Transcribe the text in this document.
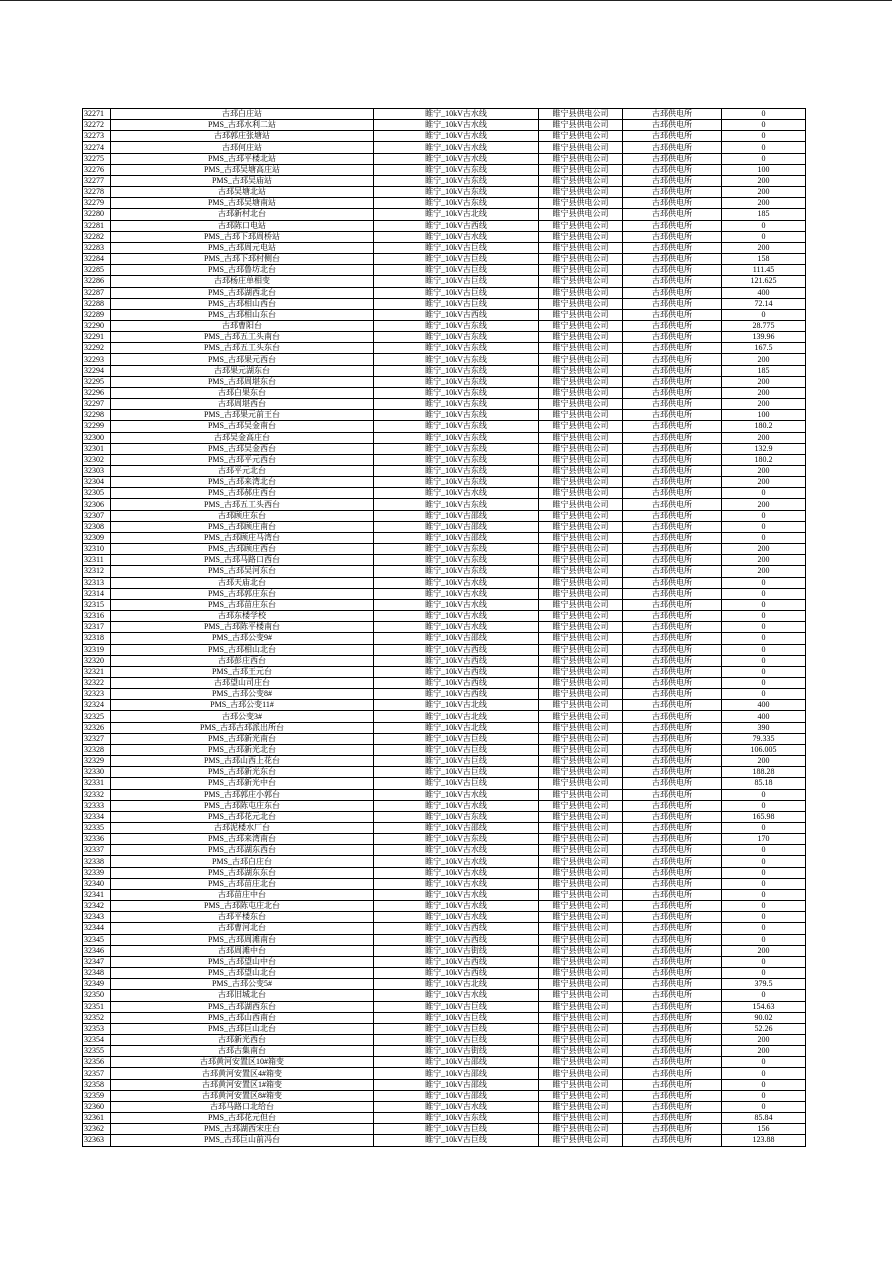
32271	古邳白庄站	睢宁_10kV古水线	睢宁县供电公司	古邳供电所	0
32272	PMS_古邳水利二站	睢宁_10kV古水线	睢宁县供电公司	古邳供电所	0
32273	古邳郭庄张塘站	睢宁_10kV古水线	睢宁县供电公司	古邳供电所	0
32274	古邳何庄站	睢宁_10kV古水线	睢宁县供电公司	古邳供电所	0
32275	PMS_古邳平楼北站	睢宁_10kV古水线	睢宁县供电公司	古邳供电所	0
32276	PMS_古邳吴塘高庄站	睢宁_10kV古东线	睢宁县供电公司	古邳供电所	100
32277	PMS_古邳吴庙站	睢宁_10kV古东线	睢宁县供电公司	古邳供电所	200
32278	古邳吴塘北站	睢宁_10kV古东线	睢宁县供电公司	古邳供电所	200
32279	PMS_古邳吴塘南站	睢宁_10kV古东线	睢宁县供电公司	古邳供电所	200
32280	古邳新村北台	睢宁_10kV古北线	睢宁县供电公司	古邳供电所	185
32281	古邳陈口电站	睢宁_10kV古西线	睢宁县供电公司	古邳供电所	0
32282	PMS_古邳下邳周桥站	睢宁_10kV古水线	睢宁县供电公司	古邳供电所	0
32283	PMS_古邳周元电站	睢宁_10kV古巨线	睢宁县供电公司	古邳供电所	200
32284	PMS_古邳下邳村侧台	睢宁_10kV古巨线	睢宁县供电公司	古邳供电所	158
32285	PMS_古邳鲁坊北台	睢宁_10kV古巨线	睢宁县供电公司	古邳供电所	111.45
32286	古邳杨庄单相变	睢宁_10kV古巨线	睢宁县供电公司	古邳供电所	121.625
32287	PMS_古邳湖西北台	睢宁_10kV古巨线	睢宁县供电公司	古邳供电所	400
32288	PMS_古邳相山西台	睢宁_10kV古巨线	睢宁县供电公司	古邳供电所	72.14
32289	PMS_古邳相山东台	睢宁_10kV古西线	睢宁县供电公司	古邳供电所	0
32290	古邳曹阳台	睢宁_10kV古东线	睢宁县供电公司	古邳供电所	28.775
32291	PMS_古邳五工头南台	睢宁_10kV古东线	睢宁县供电公司	古邳供电所	139.96
32292	PMS_古邳五工头东台	睢宁_10kV古东线	睢宁县供电公司	古邳供电所	167.5
32293	PMS_古邳果元西台	睢宁_10kV古东线	睢宁县供电公司	古邳供电所	200
32294	古邳果元湖东台	睢宁_10kV古东线	睢宁县供电公司	古邳供电所	185
32295	PMS_古邳周堪东台	睢宁_10kV古东线	睢宁县供电公司	古邳供电所	200
32296	古邳白果东台	睢宁_10kV古东线	睢宁县供电公司	古邳供电所	200
32297	古邳周堪西台	睢宁_10kV古东线	睢宁县供电公司	古邳供电所	200
32298	PMS_古邳果元前王台	睢宁_10kV古东线	睢宁县供电公司	古邳供电所	100
32299	PMS_古邳吴金南台	睢宁_10kV古东线	睢宁县供电公司	古邳供电所	180.2
32300	古邳吴金高庄台	睢宁_10kV古东线	睢宁县供电公司	古邳供电所	200
32301	PMS_古邳吴金西台	睢宁_10kV古东线	睢宁县供电公司	古邳供电所	132.9
32302	PMS_古邳平元西台	睢宁_10kV古东线	睢宁县供电公司	古邳供电所	180.2
32303	古邳平元北台	睢宁_10kV古东线	睢宁县供电公司	古邳供电所	200
32304	PMS_古邳来湾北台	睢宁_10kV古东线	睢宁县供电公司	古邳供电所	200
32305	PMS_古邳郝庄西台	睢宁_10kV古水线	睢宁县供电公司	古邳供电所	0
32306	PMS_古邳五工头西台	睢宁_10kV古东线	睢宁县供电公司	古邳供电所	200
32307	古邳顾庄东台	睢宁_10kV古邵线	睢宁县供电公司	古邳供电所	0
32308	PMS_古邳顾庄南台	睢宁_10kV古邵线	睢宁县供电公司	古邳供电所	0
32309	PMS_古邳顾庄马湾台	睢宁_10kV古邵线	睢宁县供电公司	古邳供电所	0
32310	PMS_古邳顾庄西台	睢宁_10kV古东线	睢宁县供电公司	古邳供电所	200
32311	PMS_古邳马路口西台	睢宁_10kV古东线	睢宁县供电公司	古邳供电所	200
32312	PMS_古邳吴河东台	睢宁_10kV古东线	睢宁县供电公司	古邳供电所	200
32313	古邳天庙北台	睢宁_10kV古水线	睢宁县供电公司	古邳供电所	0
32314	PMS_古邳郭庄东台	睢宁_10kV古水线	睢宁县供电公司	古邳供电所	0
32315	PMS_古邳苗庄东台	睢宁_10kV古水线	睢宁县供电公司	古邳供电所	0
32316	古邳东楼学校	睢宁_10kV古水线	睢宁县供电公司	古邳供电所	0
32317	PMS_古邳陈平楼南台	睢宁_10kV古水线	睢宁县供电公司	古邳供电所	0
32318	PMS_古邳公变9#	睢宁_10kV古邵线	睢宁县供电公司	古邳供电所	0
32319	PMS_古邳相山北台	睢宁_10kV古西线	睢宁县供电公司	古邳供电所	0
32320	古邳彭庄西台	睢宁_10kV古西线	睢宁县供电公司	古邳供电所	0
32321	PMS_古邳王元台	睢宁_10kV古西线	睢宁县供电公司	古邳供电所	0
32322	古邳望山司庄台	睢宁_10kV古西线	睢宁县供电公司	古邳供电所	0
32323	PMS_古邳公变8#	睢宁_10kV古西线	睢宁县供电公司	古邳供电所	0
32324	PMS_古邳公变11#	睢宁_10kV古北线	睢宁县供电公司	古邳供电所	400
32325	古邳公变3#	睢宁_10kV古北线	睢宁县供电公司	古邳供电所	400
32326	PMS_古邳古邳派出所台	睢宁_10kV古北线	睢宁县供电公司	古邳供电所	390
32327	PMS_古邳新光南台	睢宁_10kV古巨线	睢宁县供电公司	古邳供电所	79.335
32328	PMS_古邳新光北台	睢宁_10kV古巨线	睢宁县供电公司	古邳供电所	106.005
32329	PMS_古邳山西上花台	睢宁_10kV古巨线	睢宁县供电公司	古邳供电所	200
32330	PMS_古邳新光东台	睢宁_10kV古巨线	睢宁县供电公司	古邳供电所	188.28
32331	PMS_古邳新光中台	睢宁_10kV古巨线	睢宁县供电公司	古邳供电所	85.18
32332	PMS_古邳郭庄小郭台	睢宁_10kV古水线	睢宁县供电公司	古邳供电所	0
32333	PMS_古邳陈屯庄东台	睢宁_10kV古水线	睢宁县供电公司	古邳供电所	0
32334	PMS_古邳花元北台	睢宁_10kV古东线	睢宁县供电公司	古邳供电所	165.98
32335	古邳泥楼水厂台	睢宁_10kV古邵线	睢宁县供电公司	古邳供电所	0
32336	PMS_古邳来湾南台	睢宁_10kV古东线	睢宁县供电公司	古邳供电所	170
32337	PMS_古邳湖东西台	睢宁_10kV古水线	睢宁县供电公司	古邳供电所	0
32338	PMS_古邳白庄台	睢宁_10kV古水线	睢宁县供电公司	古邳供电所	0
32339	PMS_古邳湖东东台	睢宁_10kV古水线	睢宁县供电公司	古邳供电所	0
32340	PMS_古邳苗庄北台	睢宁_10kV古水线	睢宁县供电公司	古邳供电所	0
32341	古邳苗庄中台	睢宁_10kV古水线	睢宁县供电公司	古邳供电所	0
32342	PMS_古邳陈屯庄北台	睢宁_10kV古水线	睢宁县供电公司	古邳供电所	0
32343	古邳平楼东台	睢宁_10kV古水线	睢宁县供电公司	古邳供电所	0
32344	古邳曹河北台	睢宁_10kV古西线	睢宁县供电公司	古邳供电所	0
32345	PMS_古邳周滩南台	睢宁_10kV古西线	睢宁县供电公司	古邳供电所	0
32346	古邳周滩中台	睢宁_10kV古街线	睢宁县供电公司	古邳供电所	200
32347	PMS_古邳望山中台	睢宁_10kV古西线	睢宁县供电公司	古邳供电所	0
32348	PMS_古邳望山北台	睢宁_10kV古西线	睢宁县供电公司	古邳供电所	0
32349	PMS_古邳公变5#	睢宁_10kV古北线	睢宁县供电公司	古邳供电所	379.5
32350	古邳旧城北台	睢宁_10kV古水线	睢宁县供电公司	古邳供电所	0
32351	PMS_古邳湖西东台	睢宁_10kV古巨线	睢宁县供电公司	古邳供电所	154.63
32352	PMS_古邳山西南台	睢宁_10kV古巨线	睢宁县供电公司	古邳供电所	90.02
32353	PMS_古邳巨山北台	睢宁_10kV古巨线	睢宁县供电公司	古邳供电所	52.26
32354	古邳新光西台	睢宁_10kV古巨线	睢宁县供电公司	古邳供电所	200
32355	古邳古集南台	睢宁_10kV古街线	睢宁县供电公司	古邳供电所	200
32356	古邳黄河安置区10#箱变	睢宁_10kV古邵线	睢宁县供电公司	古邳供电所	0
32357	古邳黄河安置区4#箱变	睢宁_10kV古邵线	睢宁县供电公司	古邳供电所	0
32358	古邳黄河安置区1#箱变	睢宁_10kV古邵线	睢宁县供电公司	古邳供电所	0
32359	古邳黄河安置区8#箱变	睢宁_10kV古邵线	睢宁县供电公司	古邳供电所	0
32360	古邳马路口北给台	睢宁_10kV古水线	睢宁县供电公司	古邳供电所	0
32361	PMS_古邳花元但台	睢宁_10kV古东线	睢宁县供电公司	古邳供电所	85.84
32362	PMS_古邳湖西宋庄台	睢宁_10kV古巨线	睢宁县供电公司	古邳供电所	156
32363	PMS_古邳巨山前冯台	睢宁_10kV古巨线	睢宁县供电公司	古邳供电所	123.88
